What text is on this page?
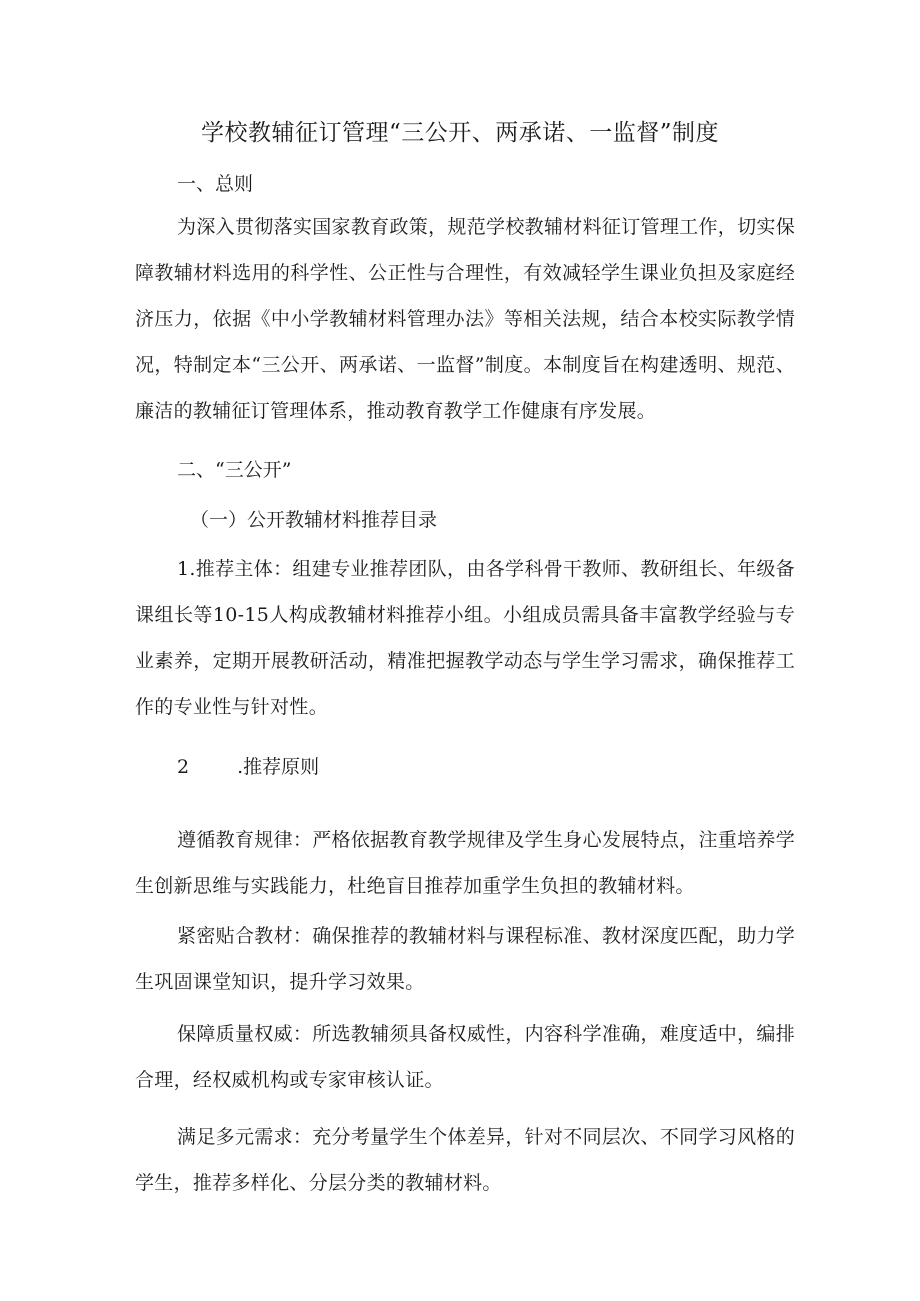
学校教辅征订管理“三公开、两承诺、一监督”制度
一、总则
为深入贯彻落实国家教育政策，规范学校教辅材料征订管理工作，切实保障教辅材料选用的科学性、公正性与合理性，有效减轻学生课业负担及家庭经济压力，依据《中小学教辅材料管理办法》等相关法规，结合本校实际教学情况，特制定本“三公开、两承诺、一监督”制度。本制度旨在构建透明、规范、廉洁的教辅征订管理体系，推动教育教学工作健康有序发展。
二、“三公开”
（一）公开教辅材料推荐目录
1.推荐主体：组建专业推荐团队，由各学科骨干教师、教研组长、年级备课组长等10-15人构成教辅材料推荐小组。小组成员需具备丰富教学经验与专业素养，定期开展教研活动，精准把握教学动态与学生学习需求，确保推荐工作的专业性与针对性。
2	.推荐原则
遵循教育规律：严格依据教育教学规律及学生身心发展特点，注重培养学生创新思维与实践能力，杜绝盲目推荐加重学生负担的教辅材料。
紧密贴合教材：确保推荐的教辅材料与课程标准、教材深度匹配，助力学生巩固课堂知识，提升学习效果。
保障质量权威：所选教辅须具备权威性，内容科学准确，难度适中，编排合理，经权威机构或专家审核认证。
满足多元需求：充分考量学生个体差异，针对不同层次、不同学习风格的学生，推荐多样化、分层分类的教辅材料。
